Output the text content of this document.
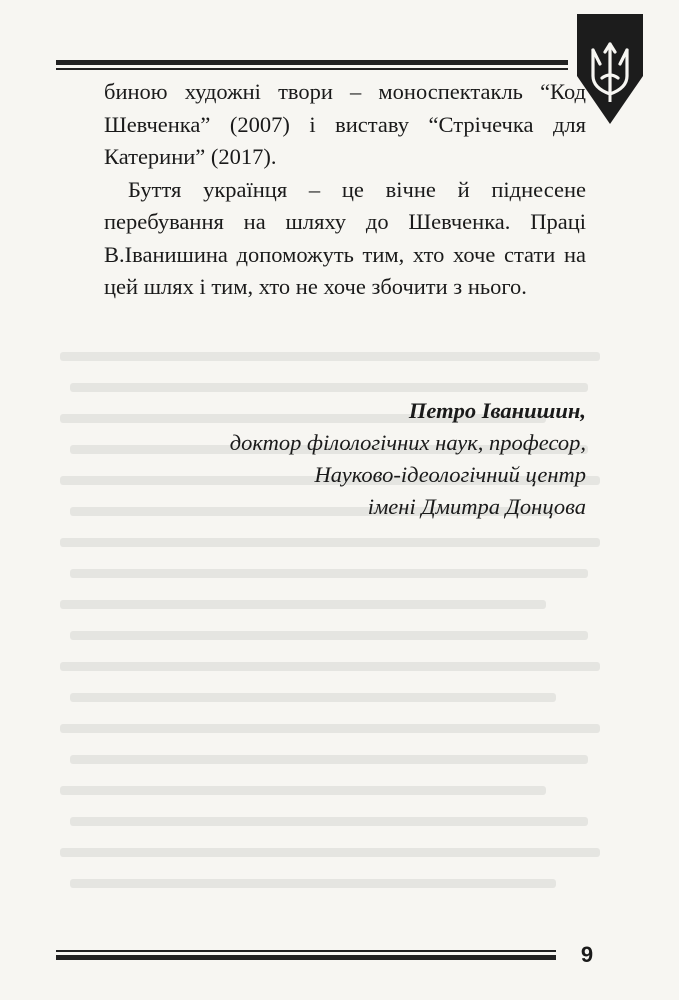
биною художні твори – моноспектакль “Код Шевченка” (2007) і виставу “Стрічечка для Катерини” (2017).

Буття українця – це вічне й піднесене перебування на шляху до Шевченка. Праці В.Іванишина допоможуть тим, хто хоче стати на цей шлях і тим, хто не хоче збочити з нього.

Петро Іванишин,
доктор філологічних наук, професор,
Науково-ідеологічний центр
імені Дмитра Донцова
9
